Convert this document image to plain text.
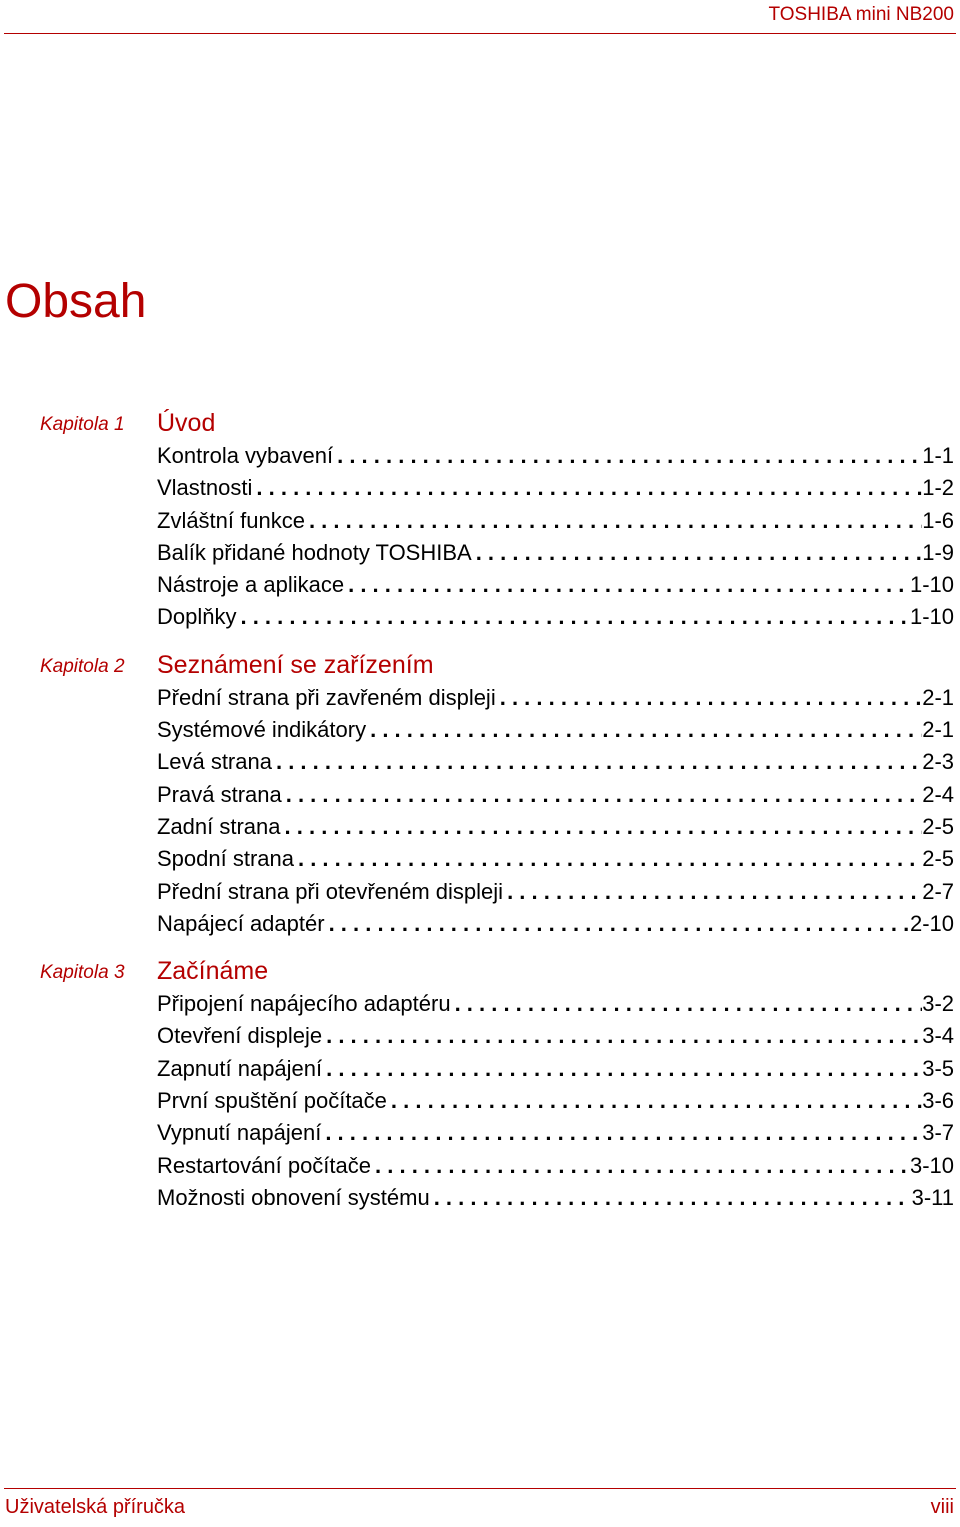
TOSHIBA mini NB200
Obsah
Kapitola 1 Úvod
Kontrola vybavení . . .	1-1
Vlastnosti . . .	1-2
Zvláštní funkce . . .	1-6
Balík přidané hodnoty TOSHIBA . . .	1-9
Nástroje a aplikace . . .	1-10
Doplňky . . .	1-10
Kapitola 2 Seznámení se zařízením
Přední strana při zavřeném displeji . . .	2-1
Systémové indikátory . . .	2-1
Levá strana . . .	2-3
Pravá strana . . .	2-4
Zadní strana . . .	2-5
Spodní strana . . .	2-5
Přední strana při otevřeném displeji . . .	2-7
Napájecí adaptér . . .	2-10
Kapitola 3 Začínáme
Připojení napájecího adaptéru . . .	3-2
Otevření displeje . . .	3-4
Zapnutí napájení . . .	3-5
První spuštění počítače . . .	3-6
Vypnutí napájení . . .	3-7
Restartování počítače . . .	3-10
Možnosti obnovení systému . . .	3-11
Uživatelská příručka	viii
